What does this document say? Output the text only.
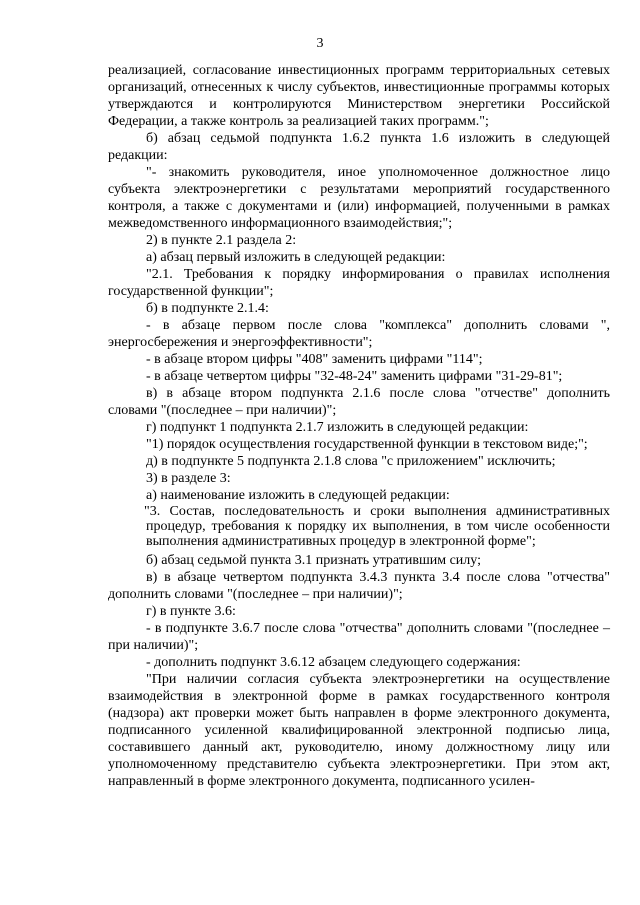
3

реализацией, согласование инвестиционных программ территориальных сетевых организаций, отнесенных к числу субъектов, инвестиционные программы которых утверждаются и контролируются Министерством энергетики Российской Федерации, а также контроль за реализацией таких программ.";

б) абзац седьмой подпункта 1.6.2 пункта 1.6 изложить в следующей редакции:

"- знакомить руководителя, иное уполномоченное должностное лицо субъекта электроэнергетики с результатами мероприятий государственного контроля, а также с документами и (или) информацией, полученными в рамках межведомственного информационного взаимодействия;";

2) в пункте 2.1 раздела 2:

а) абзац первый изложить в следующей редакции:

"2.1. Требования к порядку информирования о правилах исполнения государственной функции";

б) в подпункте 2.1.4:

- в абзаце первом после слова "комплекса" дополнить словами ", энергосбережения и энергоэффективности";

- в абзаце втором цифры "408" заменить цифрами "114";

- в абзаце четвертом цифры "32-48-24" заменить цифрами "31-29-81";

в) в абзаце втором подпункта 2.1.6 после слова "отчестве" дополнить словами "(последнее – при наличии)";

г) подпункт 1 подпункта 2.1.7 изложить в следующей редакции:

"1) порядок осуществления государственной функции в текстовом виде;";

д) в подпункте 5 подпункта 2.1.8 слова "с приложением" исключить;

3) в разделе 3:

а) наименование изложить в следующей редакции:

"3. Состав, последовательность и сроки выполнения административных процедур, требования к порядку их выполнения, в том числе особенности выполнения административных процедур в электронной форме";

б) абзац седьмой пункта 3.1 признать утратившим силу;

в) в абзаце четвертом подпункта 3.4.3 пункта 3.4 после слова "отчества" дополнить словами "(последнее – при наличии)";

г) в пункте 3.6:

- в подпункте 3.6.7 после слова "отчества" дополнить словами "(последнее – при наличии)";

- дополнить подпункт 3.6.12 абзацем следующего содержания:

"При наличии согласия субъекта электроэнергетики на осуществление взаимодействия в электронной форме в рамках государственного контроля (надзора) акт проверки может быть направлен в форме электронного документа, подписанного усиленной квалифицированной электронной подписью лица, составившего данный акт, руководителю, иному должностному лицу или уполномоченному представителю субъекта электроэнергетики. При этом акт, направленный в форме электронного документа, подписанного усилен-
